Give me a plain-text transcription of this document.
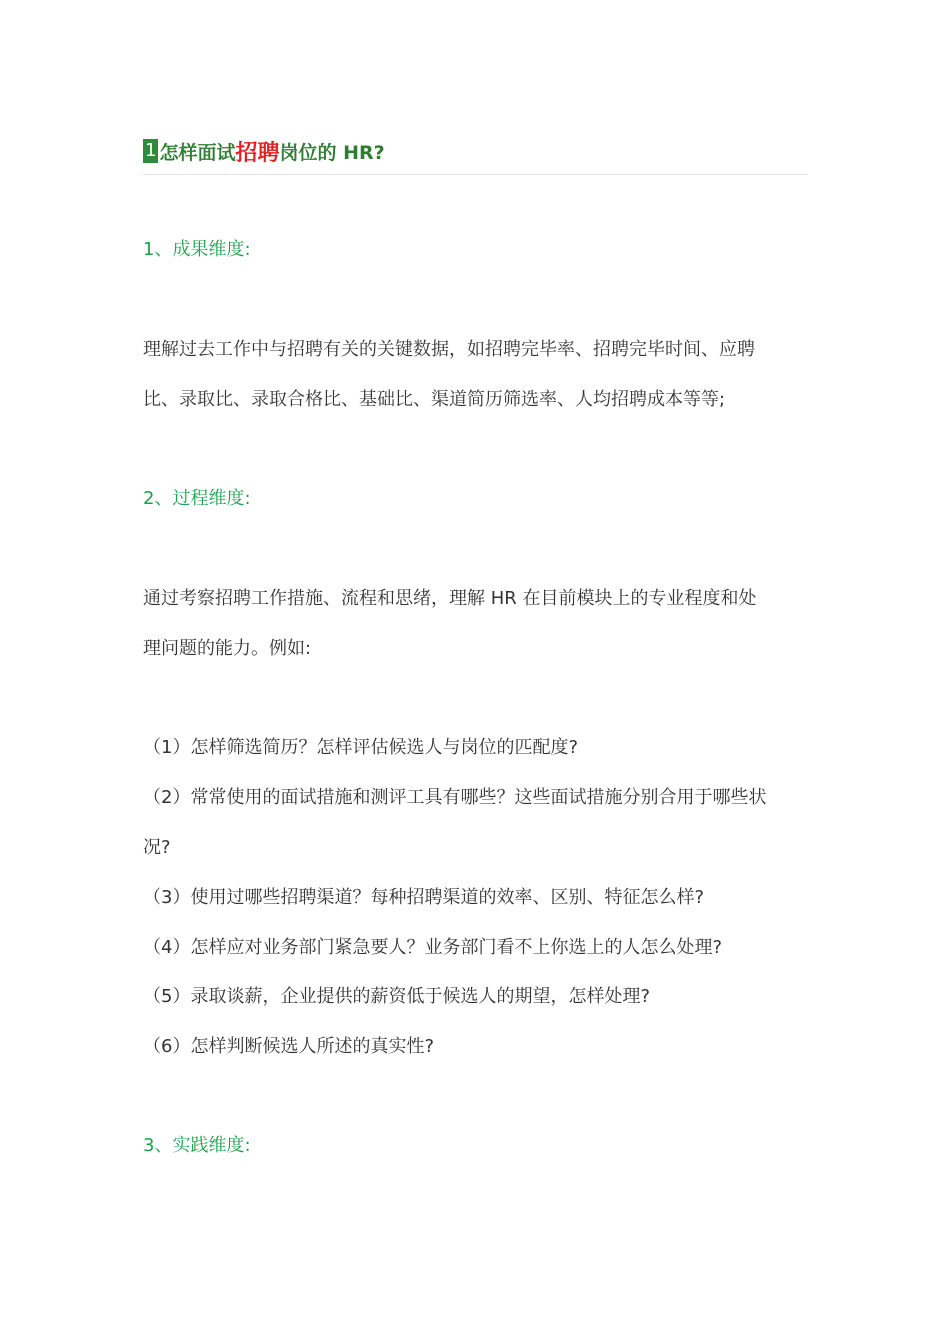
1 怎样面试 招聘 岗位的 HR?
1、成果维度:
理解过去工作中与招聘有关的关键数据，如招聘完毕率、招聘完毕时间、应聘
比、录取比、录取合格比、基础比、渠道简历筛选率、人均招聘成本等等;
2、过程维度:
通过考察招聘工作措施、流程和思绪，理解 HR 在目前模块上的专业程度和处
理问题的能力。例如:
（1）怎样筛选简历？怎样评估候选人与岗位的匹配度?
（2）常常使用的面试措施和测评工具有哪些？这些面试措施分别合用于哪些状
况?
（3）使用过哪些招聘渠道？每种招聘渠道的效率、区别、特征怎么样?
（4）怎样应对业务部门紧急要人？业务部门看不上你选上的人怎么处理?
（5）录取谈薪，企业提供的薪资低于候选人的期望，怎样处理?
（6）怎样判断候选人所述的真实性?
3、实践维度:
